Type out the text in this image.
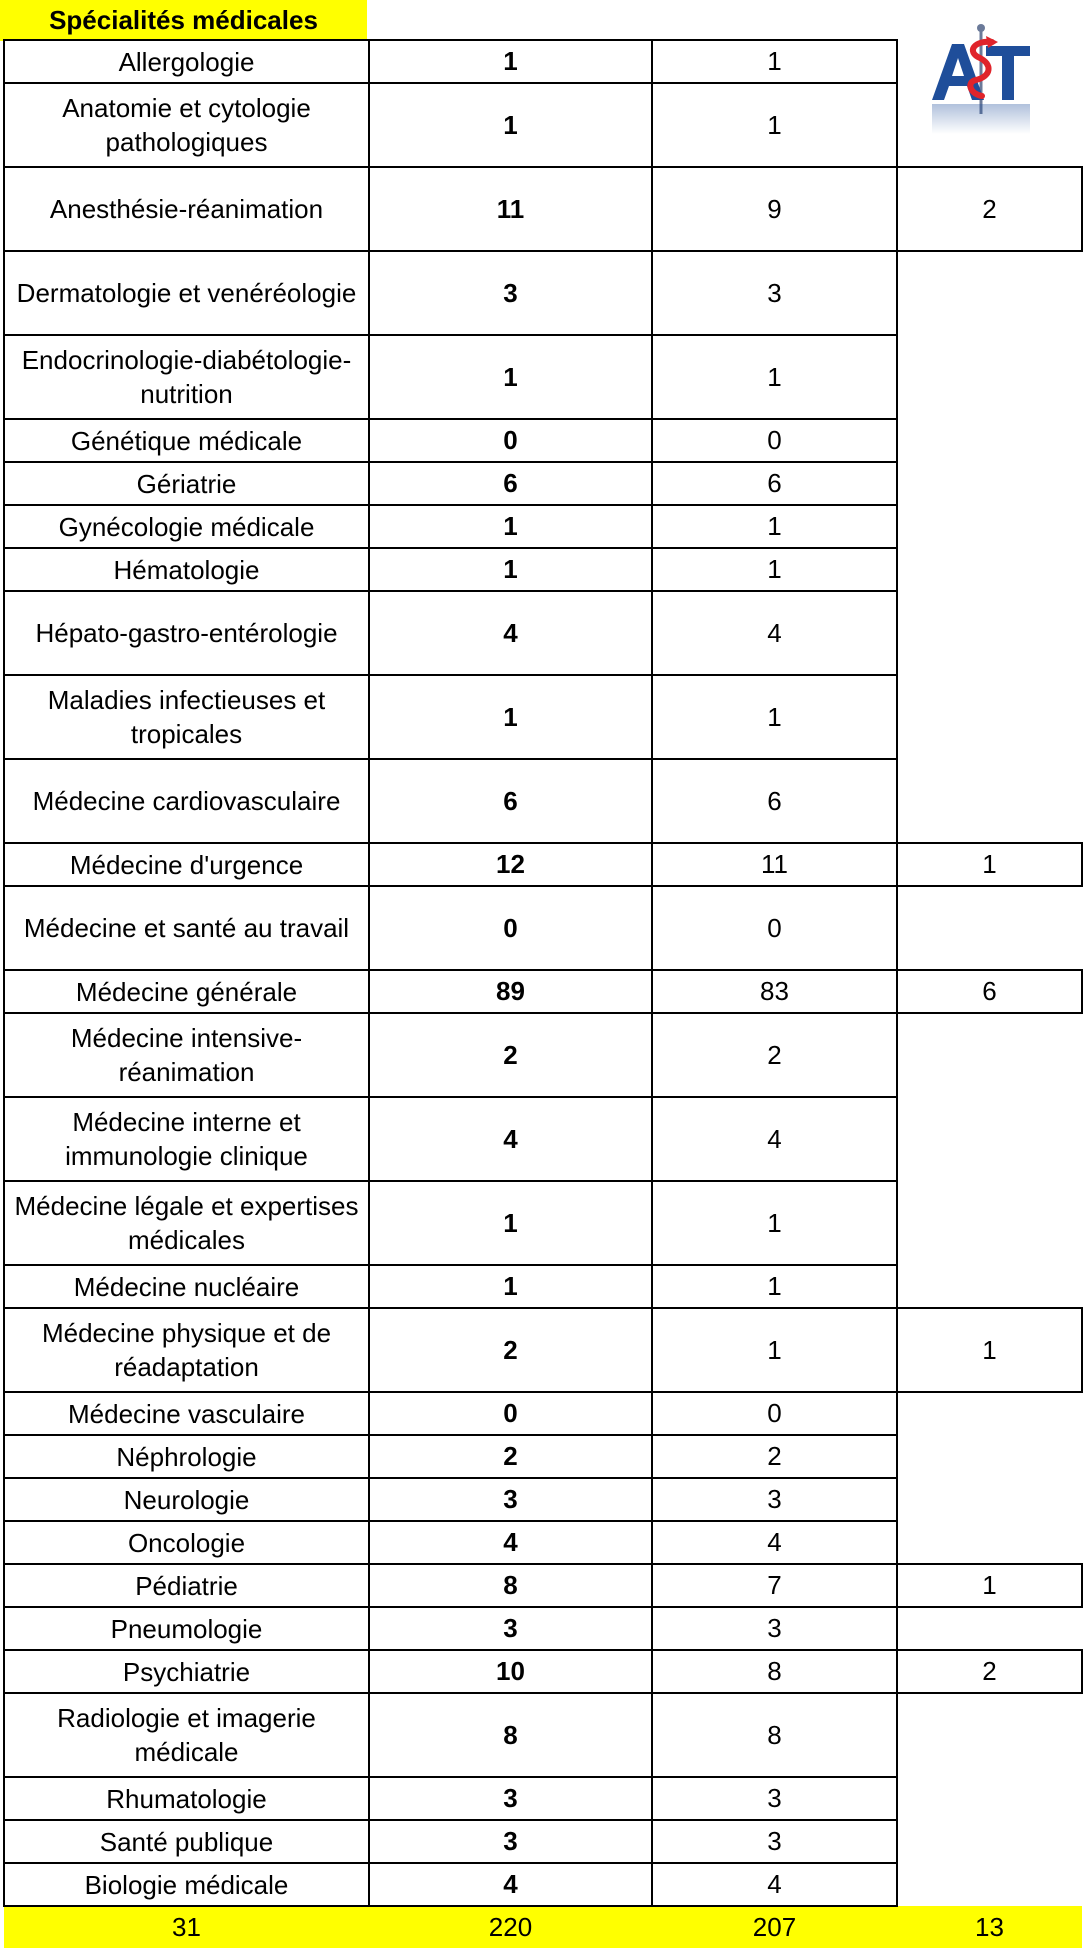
Spécialités médicales
Allergologie	1	1	
Anatomie et cytologie pathologiques	1	1	
Anesthésie-réanimation	11	9	2
Dermatologie et venéréologie	3	3	
Endocrinologie-diabétologie-nutrition	1	1	
Génétique médicale	0	0	
Gériatrie	6	6	
Gynécologie médicale	1	1	
Hématologie	1	1	
Hépato-gastro-entérologie	4	4	
Maladies infectieuses et tropicales	1	1	
Médecine cardiovasculaire	6	6	
Médecine d'urgence	12	11	1
Médecine et santé au travail	0	0	
Médecine générale	89	83	6
Médecine intensive-réanimation	2	2	
Médecine interne et immunologie clinique	4	4	
Médecine légale et expertises médicales	1	1	
Médecine nucléaire	1	1	
Médecine physique et de réadaptation	2	1	1
Médecine vasculaire	0	0	
Néphrologie	2	2	
Neurologie	3	3	
Oncologie	4	4	
Pédiatrie	8	7	1
Pneumologie	3	3	
Psychiatrie	10	8	2
Radiologie et imagerie médicale	8	8	
Rhumatologie	3	3	
Santé publique	3	3	
Biologie médicale	4	4	
31	220	207	13
